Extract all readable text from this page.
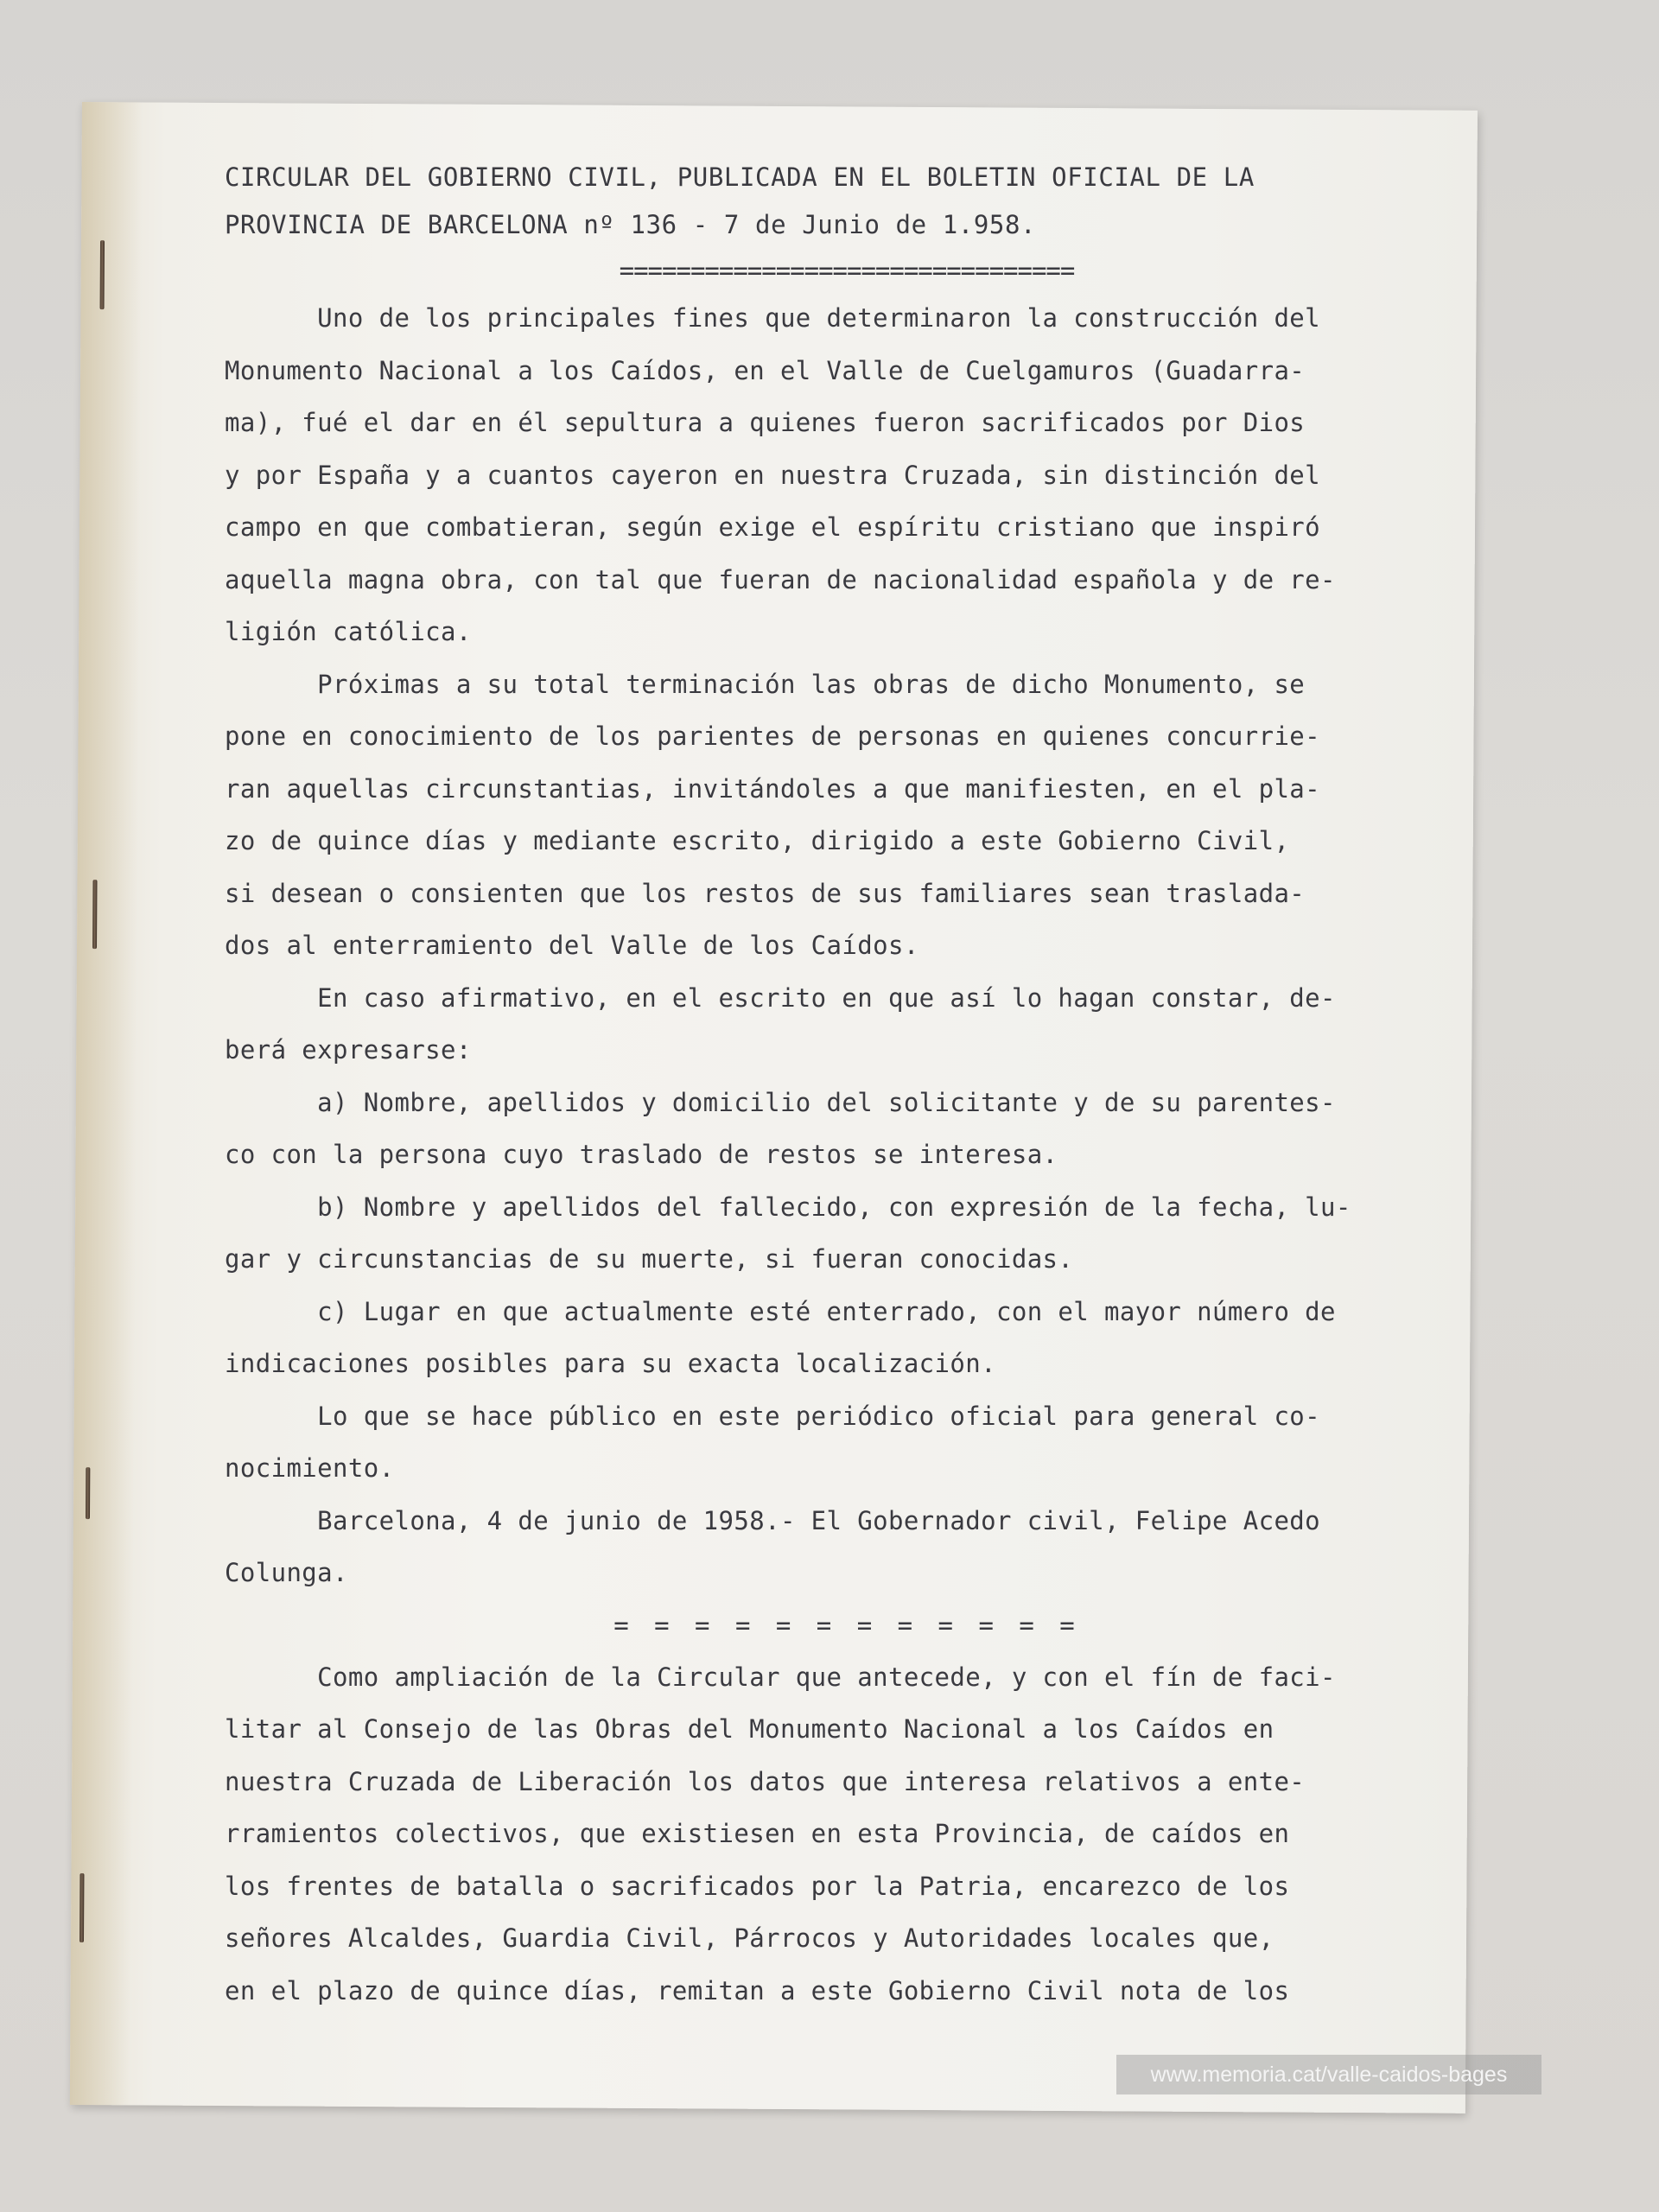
CIRCULAR DEL GOBIERNO CIVIL, PUBLICADA EN EL BOLETIN OFICIAL DE LA
PROVINCIA DE BARCELONA nº 136 - 7 de Junio de 1.958.
================================
Uno de los principales fines que determinaron la construcción del
Monumento Nacional a los Caídos, en el Valle de Cuelgamuros (Guadarra-
ma), fué el dar en él sepultura a quienes fueron sacrificados por Dios
y por España y a cuantos cayeron en nuestra Cruzada, sin distinción del
campo en que combatieran, según exige el espíritu cristiano que inspiró
aquella magna obra, con tal que fueran de nacionalidad española y de re-
ligión católica.
Próximas a su total terminación las obras de dicho Monumento, se
pone en conocimiento de los parientes de personas en quienes concurrie-
ran aquellas circunstantias, invitándoles a que manifiesten, en el pla-
zo de quince días y mediante escrito, dirigido a este Gobierno Civil,
si desean o consienten que los restos de sus familiares sean traslada-
dos al enterramiento del Valle de los Caídos.
En caso afirmativo, en el escrito en que así lo hagan constar, de-
berá expresarse:
a) Nombre, apellidos y domicilio del solicitante y de su parentes-
co con la persona cuyo traslado de restos se interesa.
b) Nombre y apellidos del fallecido, con expresión de la fecha, lu-
gar y circunstancias de su muerte, si fueran conocidas.
c) Lugar en que actualmente esté enterrado, con el mayor número de
indicaciones posibles para su exacta localización.
Lo que se hace público en este periódico oficial para general co-
nocimiento.
Barcelona, 4 de junio de 1958.- El Gobernador civil, Felipe Acedo
Colunga.
= = = = = = = = = = = =
Como ampliación de la Circular que antecede, y con el fín de faci-
litar al Consejo de las Obras del Monumento Nacional a los Caídos en
nuestra Cruzada de Liberación los datos que interesa relativos a ente-
rramientos colectivos, que existiesen en esta Provincia, de caídos en
los frentes de batalla o sacrificados por la Patria, encarezco de los
señores Alcaldes, Guardia Civil, Párrocos y Autoridades locales que,
en el plazo de quince días, remitan a este Gobierno Civil nota de los
www.memoria.cat/valle-caidos-bages
